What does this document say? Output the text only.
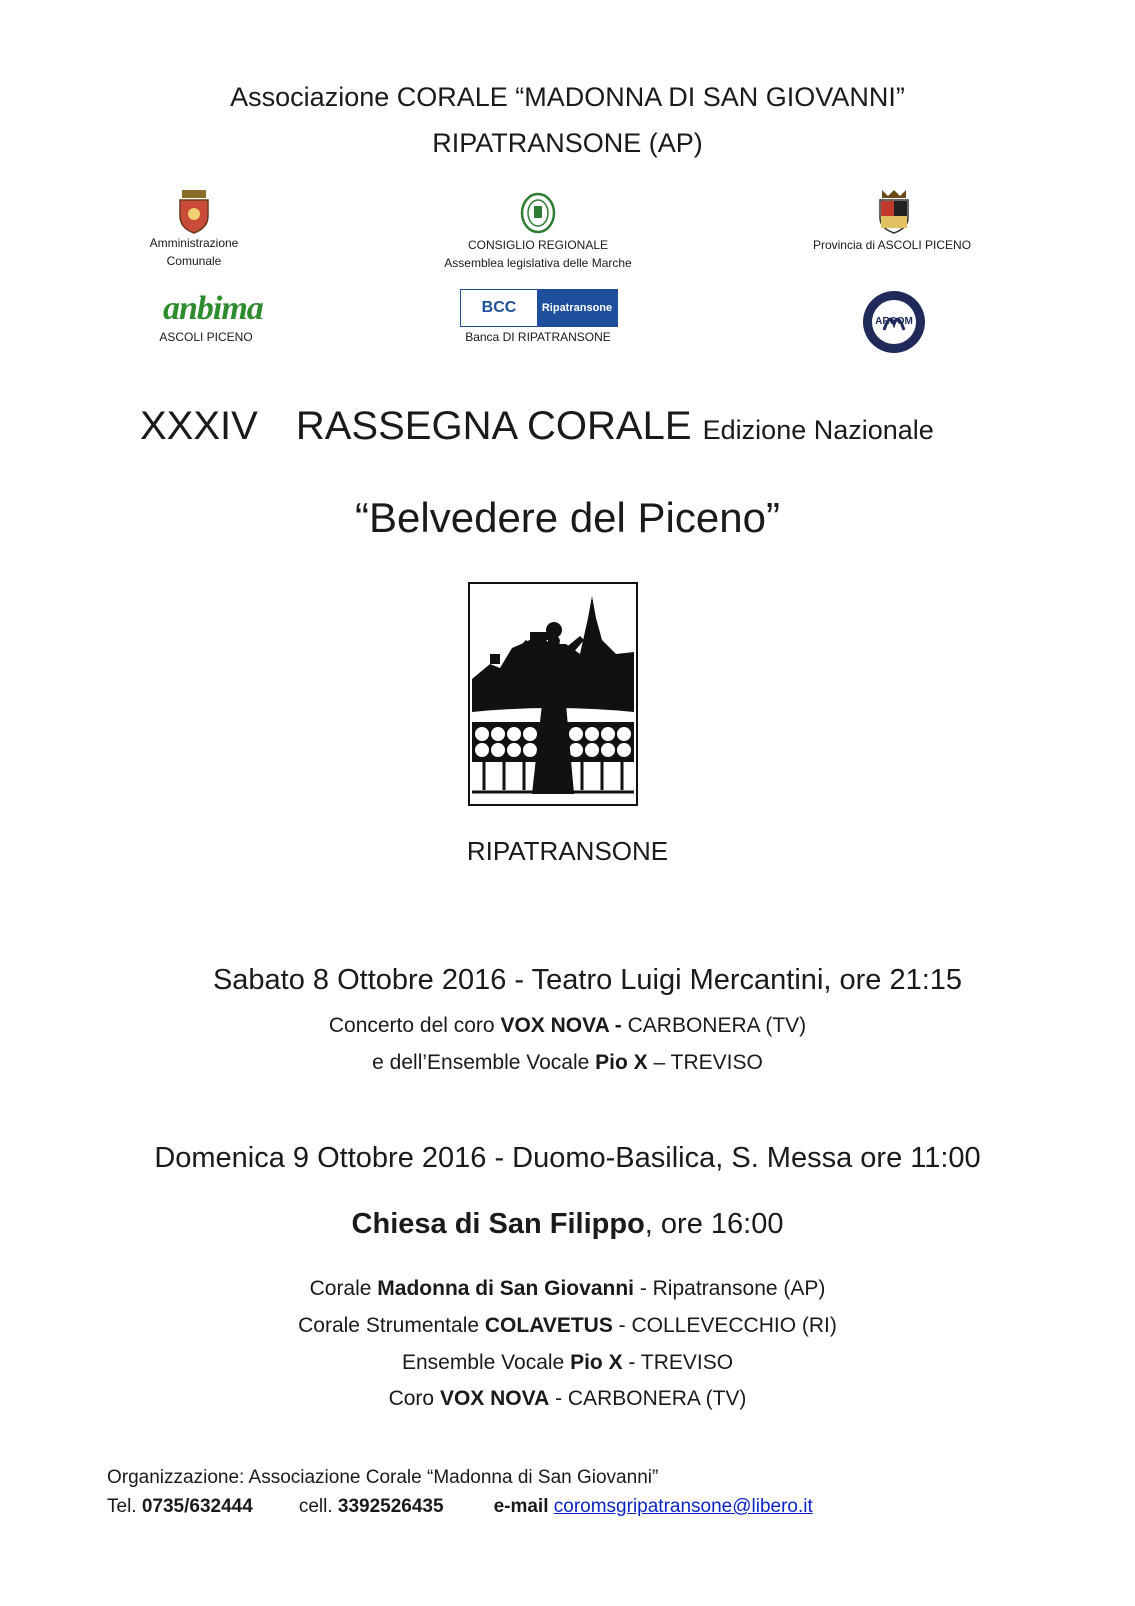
Associazione CORALE “MADONNA DI SAN GIOVANNI”
RIPATRANSONE (AP)
Amministrazione
Comunale
CONSIGLIO REGIONALE
Assemblea legislativa delle Marche
Provincia di ASCOLI PICENO
anbima
ASCOLI PICENO
BCC	Ripatransone
Banca DI RIPATRANSONE
ARCOM
XXXIV RASSEGNA CORALE Edizione Nazionale
“Belvedere del Piceno”
RIPATRANSONE
Sabato 8 Ottobre 2016 - Teatro Luigi Mercantini, ore 21:15
Concerto del coro VOX NOVA - CARBONERA (TV)
e dell’Ensemble Vocale Pio X – TREVISO
Domenica 9 Ottobre 2016 - Duomo-Basilica, S. Messa ore 11:00
Chiesa di San Filippo, ore 16:00
Corale Madonna di San Giovanni - Ripatransone (AP)
Corale Strumentale COLAVETUS - COLLEVECCHIO (RI)
Ensemble Vocale Pio X - TREVISO
Coro VOX NOVA - CARBONERA (TV)
Organizzazione: Associazione Corale “Madonna di San Giovanni”
Tel. 0735/632444 cell. 3392526435	e-mail coromsgripatransone@libero.it
